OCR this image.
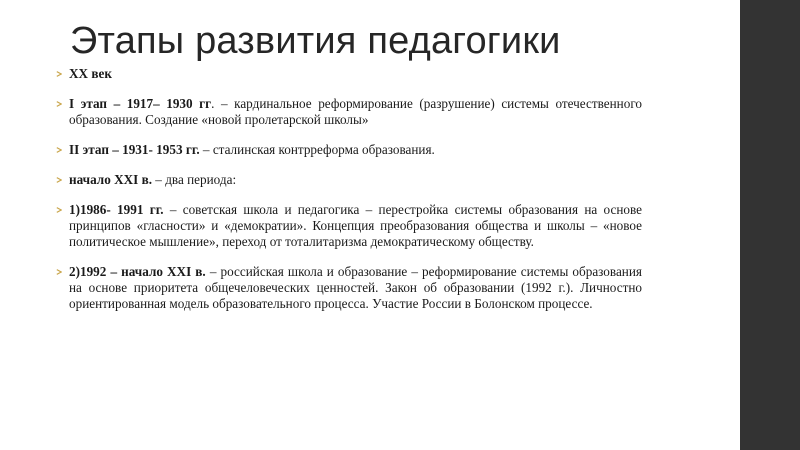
Этапы развития педагогики
XX век
I этап – 1917– 1930 гг. – кардинальное реформирование (разрушение) системы отечественного образования. Создание «новой пролетарской школы»
II этап – 1931- 1953 гг. – сталинская контрреформа образования.
начало XXI в. – два периода:
1)1986- 1991 гг. – советская школа и педагогика – перестройка системы образования на основе принципов «гласности» и «демократии». Концепция преобразования общества и школы – «новое политическое мышление», переход от тоталитаризма демократическому обществу.
2)1992 – начало XXI в. – российская школа и образование – реформирование системы образования на основе приоритета общечеловеческих ценностей. Закон об образовании (1992 г.). Личностно ориентированная модель образовательного процесса. Участие России в Болонском процессе.
